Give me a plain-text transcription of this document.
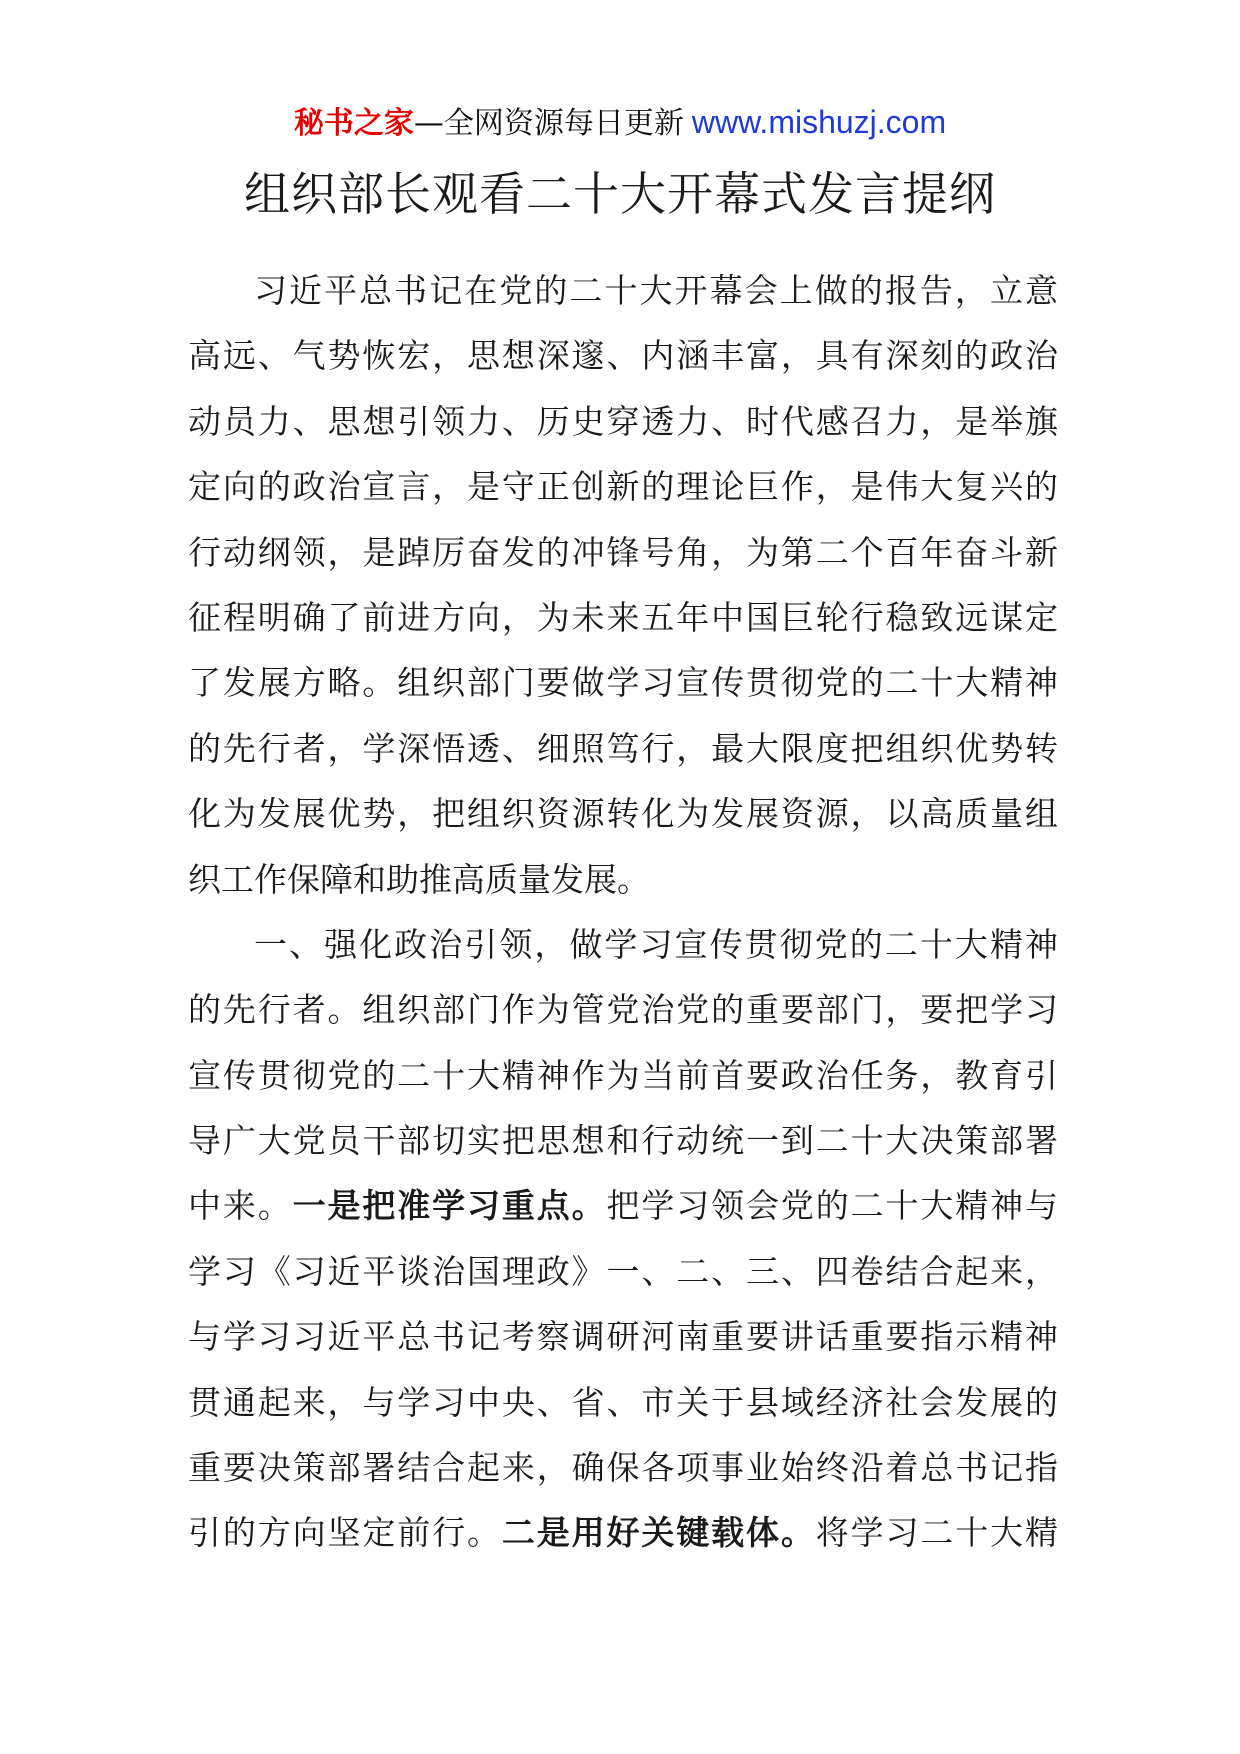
秘书之家—全网资源每日更新 www.mishuzj.com
组织部长观看二十大开幕式发言提纲
习近平总书记在党的二十大开幕会上做的报告，立意
高远、气势恢宏，思想深邃、内涵丰富，具有深刻的政治
动员力、思想引领力、历史穿透力、时代感召力，是举旗
定向的政治宣言，是守正创新的理论巨作，是伟大复兴的
行动纲领，是踔厉奋发的冲锋号角，为第二个百年奋斗新
征程明确了前进方向，为未来五年中国巨轮行稳致远谋定
了发展方略。组织部门要做学习宣传贯彻党的二十大精神
的先行者，学深悟透、细照笃行，最大限度把组织优势转
化为发展优势，把组织资源转化为发展资源，以高质量组
织工作保障和助推高质量发展。
一、强化政治引领，做学习宣传贯彻党的二十大精神
的先行者。组织部门作为管党治党的重要部门，要把学习
宣传贯彻党的二十大精神作为当前首要政治任务，教育引
导广大党员干部切实把思想和行动统一到二十大决策部署
中来。一是把准学习重点。把学习领会党的二十大精神与
学习《习近平谈治国理政》一、二、三、四卷结合起来，
与学习习近平总书记考察调研河南重要讲话重要指示精神
贯通起来，与学习中央、省、市关于县域经济社会发展的
重要决策部署结合起来，确保各项事业始终沿着总书记指
引的方向坚定前行。二是用好关键载体。将学习二十大精
